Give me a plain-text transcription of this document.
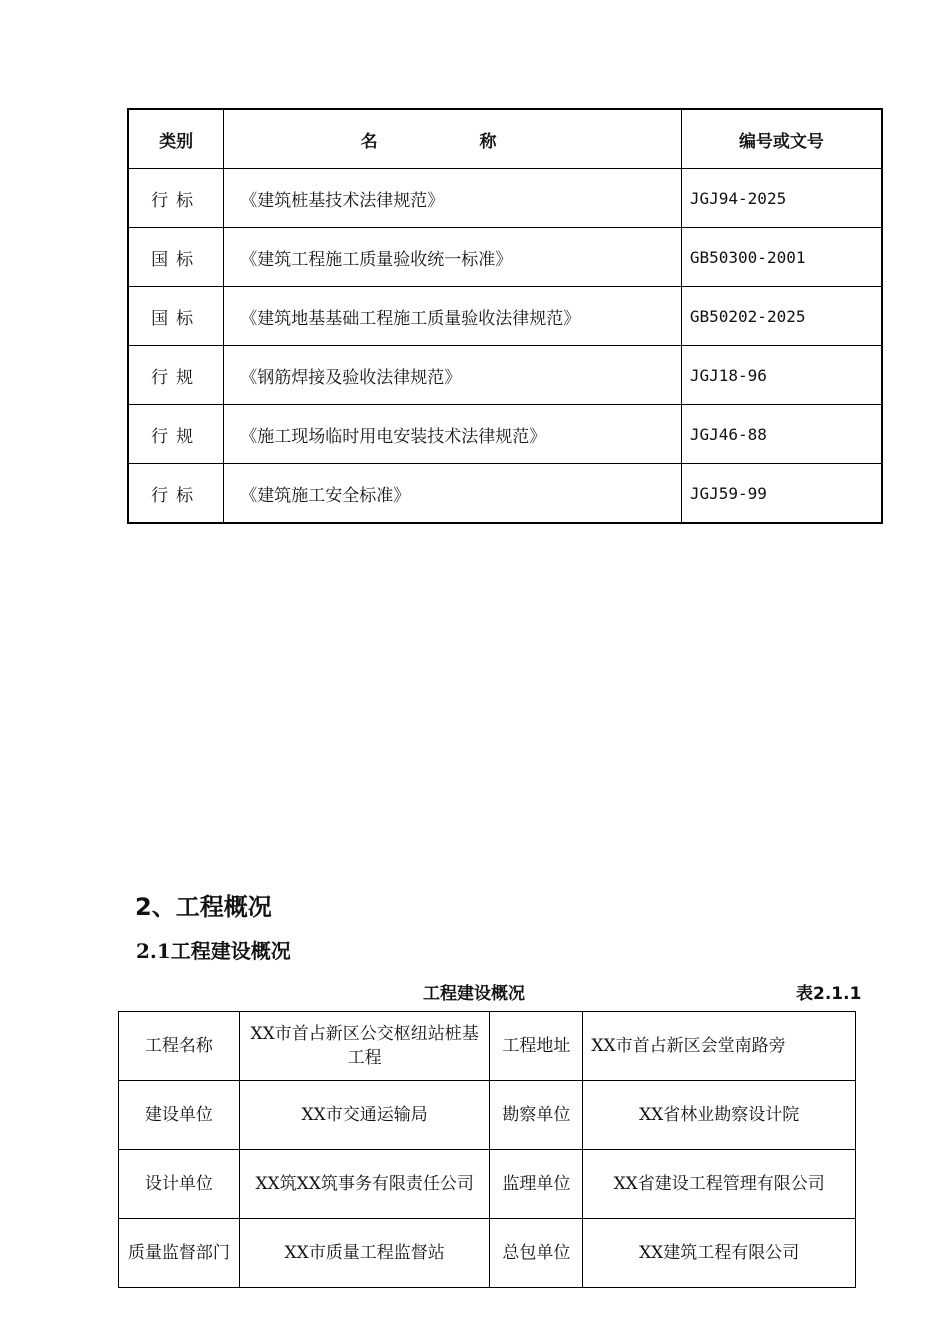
类别	名 称	编号或文号
行标	《建筑桩基技术法律规范》	JGJ94-2025
国标	《建筑工程施工质量验收统一标准》	GB50300-2001
国标	《建筑地基基础工程施工质量验收法律规范》	GB50202-2025
行规	《钢筋焊接及验收法律规范》	JGJ18-96
行规	《施工现场临时用电安装技术法律规范》	JGJ46-88
行标	《建筑施工安全标准》	JGJ59-99
2、工程概况
2.1工程建设概况
工程建设概况	表2.1.1
工程名称	XX市首占新区公交枢纽站桩基工程	工程地址	XX市首占新区会堂南路旁
建设单位	XX市交通运输局	勘察单位	XX省林业勘察设计院
设计单位	XX筑XX筑事务有限责任公司	监理单位	XX省建设工程管理有限公司
质量监督部门	XX市质量工程监督站	总包单位	XX建筑工程有限公司
